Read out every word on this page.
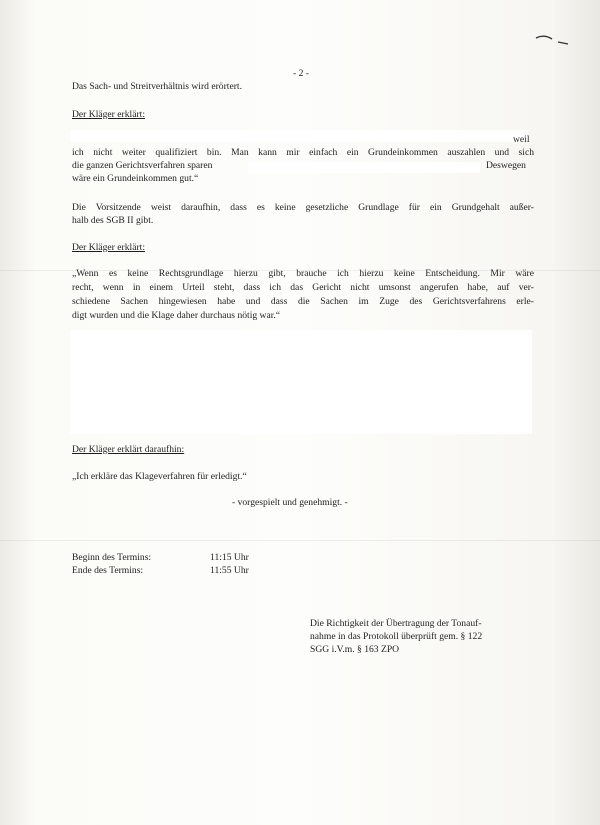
- 2 -
Das Sach- und Streitverhältnis wird erörtert.
Der Kläger erklärt:
weil
ich nicht weiter qualifiziert bin. Man kann mir einfach ein Grundeinkommen auszahlen und sich
die ganzen Gerichtsverfahren sparen	Deswegen
wäre ein Grundeinkommen gut.“
Die Vorsitzende weist daraufhin, dass es keine gesetzliche Grundlage für ein Grundgehalt außer-
halb des SGB II gibt.
Der Kläger erklärt:
„Wenn es keine Rechtsgrundlage hierzu gibt, brauche ich hierzu keine Entscheidung. Mir wäre
recht, wenn in einem Urteil steht, dass ich das Gericht nicht umsonst angerufen habe, auf ver-
schiedene Sachen hingewiesen habe und dass die Sachen im Zuge des Gerichtsverfahrens erle-
digt wurden und die Klage daher durchaus nötig war.“
Der Kläger erklärt daraufhin:
„Ich erkläre das Klageverfahren für erledigt.“
- vorgespielt und genehmigt. -
Beginn des Termins:	11:15 Uhr
Ende des Termins:	11:55 Uhr
Die Richtigkeit der Übertragung der Tonauf-
nahme in das Protokoll überprüft gem. § 122
SGG i.V.m. § 163 ZPO
